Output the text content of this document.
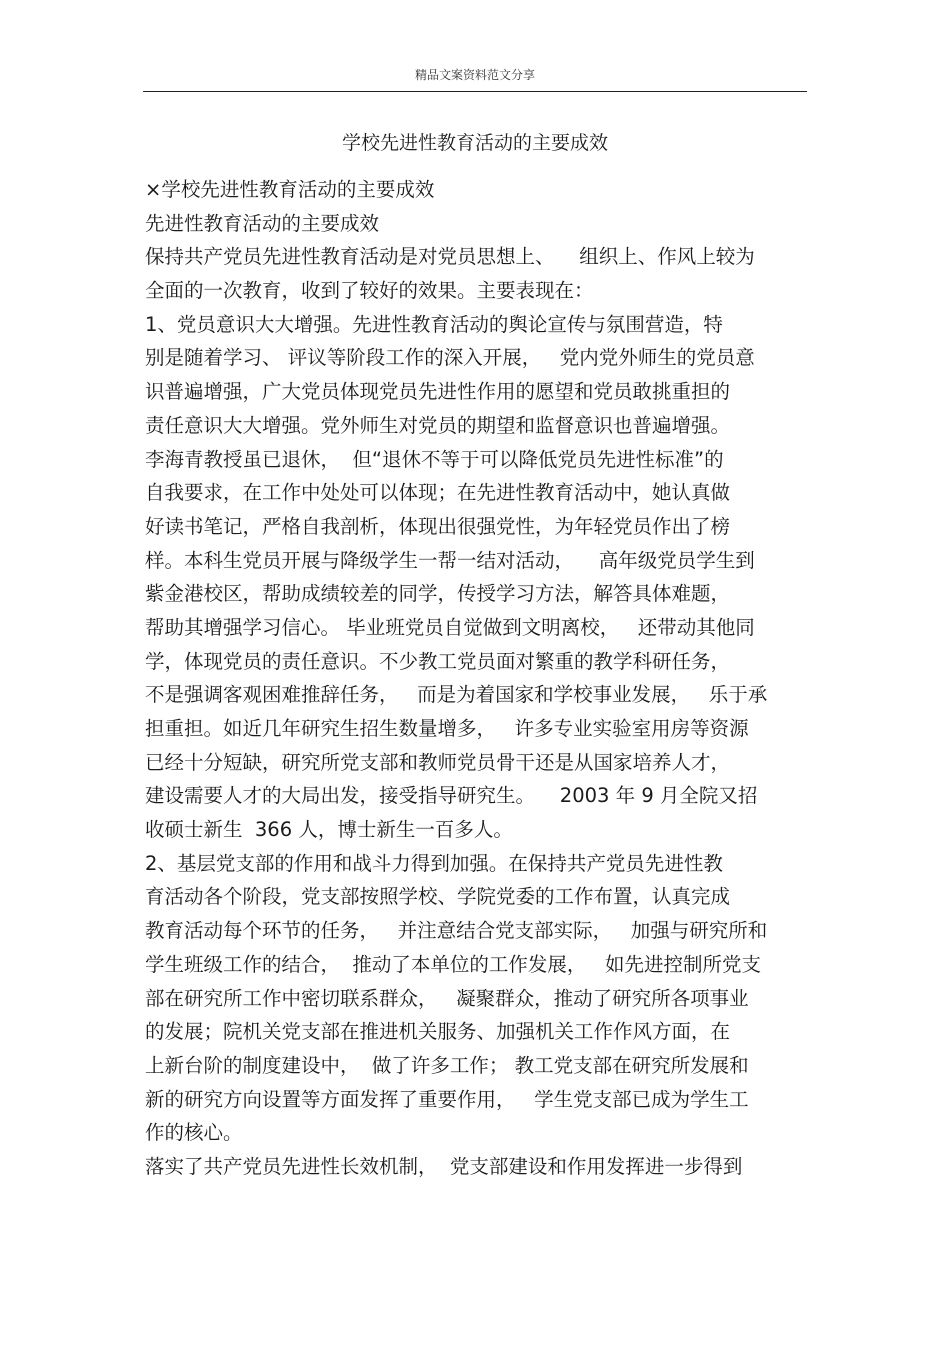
精品文案资料范文分享
学校先进性教育活动的主要成效
×学校先进性教育活动的主要成效
先进性教育活动的主要成效
保持共产党员先进性教育活动是对党员思想上、    组织上、作风上较为
全面的一次教育，收到了较好的效果。主要表现在：
1、党员意识大大增强。先进性教育活动的舆论宣传与氛围营造，特
别是随着学习、 评议等阶段工作的深入开展，   党内党外师生的党员意
识普遍增强，广大党员体现党员先进性作用的愿望和党员敢挑重担的
责任意识大大增强。党外师生对党员的期望和监督意识也普遍增强。
李海青教授虽已退休，  但“退休不等于可以降低党员先进性标准”的
自我要求，在工作中处处可以体现；在先进性教育活动中，她认真做
好读书笔记，严格自我剖析，体现出很强党性，为年轻党员作出了榜
样。本科生党员开展与降级学生一帮一结对活动，    高年级党员学生到
紫金港校区，帮助成绩较差的同学，传授学习方法，解答具体难题，
帮助其增强学习信心。 毕业班党员自觉做到文明离校，   还带动其他同
学，体现党员的责任意识。不少教工党员面对繁重的教学科研任务，
不是强调客观困难推辞任务，   而是为着国家和学校事业发展，   乐于承
担重担。如近几年研究生招生数量增多，   许多专业实验室用房等资源
已经十分短缺，研究所党支部和教师党员骨干还是从国家培养人才，
建设需要人才的大局出发，接受指导研究生。    2003 年 9 月全院又招
收硕士新生  366 人，博士新生一百多人。
2、基层党支部的作用和战斗力得到加强。在保持共产党员先进性教
育活动各个阶段，党支部按照学校、学院党委的工作布置，认真完成
教育活动每个环节的任务，   并注意结合党支部实际，   加强与研究所和
学生班级工作的结合，  推动了本单位的工作发展，   如先进控制所党支
部在研究所工作中密切联系群众，   凝聚群众，推动了研究所各项事业
的发展；院机关党支部在推进机关服务、加强机关工作作风方面，在
上新台阶的制度建设中，  做了许多工作； 教工党支部在研究所发展和
新的研究方向设置等方面发挥了重要作用，   学生党支部已成为学生工
作的核心。
落实了共产党员先进性长效机制，  党支部建设和作用发挥进一步得到
